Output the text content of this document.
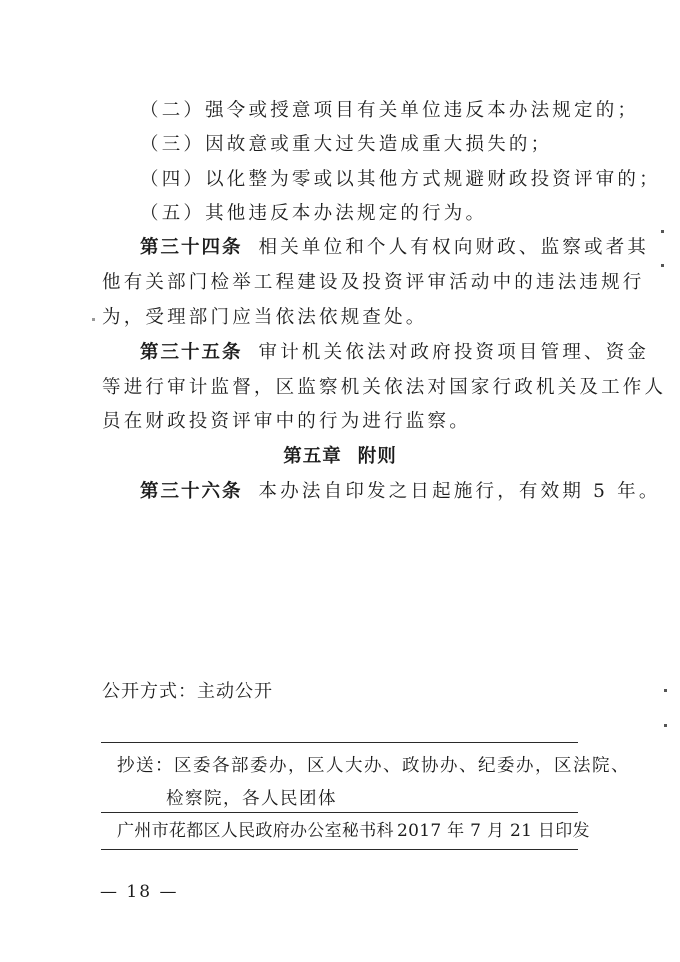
（二）强令或授意项目有关单位违反本办法规定的；
（三）因故意或重大过失造成重大损失的；
（四）以化整为零或以其他方式规避财政投资评审的；
（五）其他违反本办法规定的行为。
第三十四条 相关单位和个人有权向财政、监察或者其
他有关部门检举工程建设及投资评审活动中的违法违规行
为，受理部门应当依法依规查处。
第三十五条 审计机关依法对政府投资项目管理、资金
等进行审计监督，区监察机关依法对国家行政机关及工作人
员在财政投资评审中的行为进行监察。
第五章 附则
第三十六条 本办法自印发之日起施行，有效期 5 年。
公开方式：主动公开
抄送：区委各部委办，区人大办、政协办、纪委办，区法院、
检察院，各人民团体
广州市花都区人民政府办公室秘书科 2017 年 7 月 21 日印发
— 18 —
